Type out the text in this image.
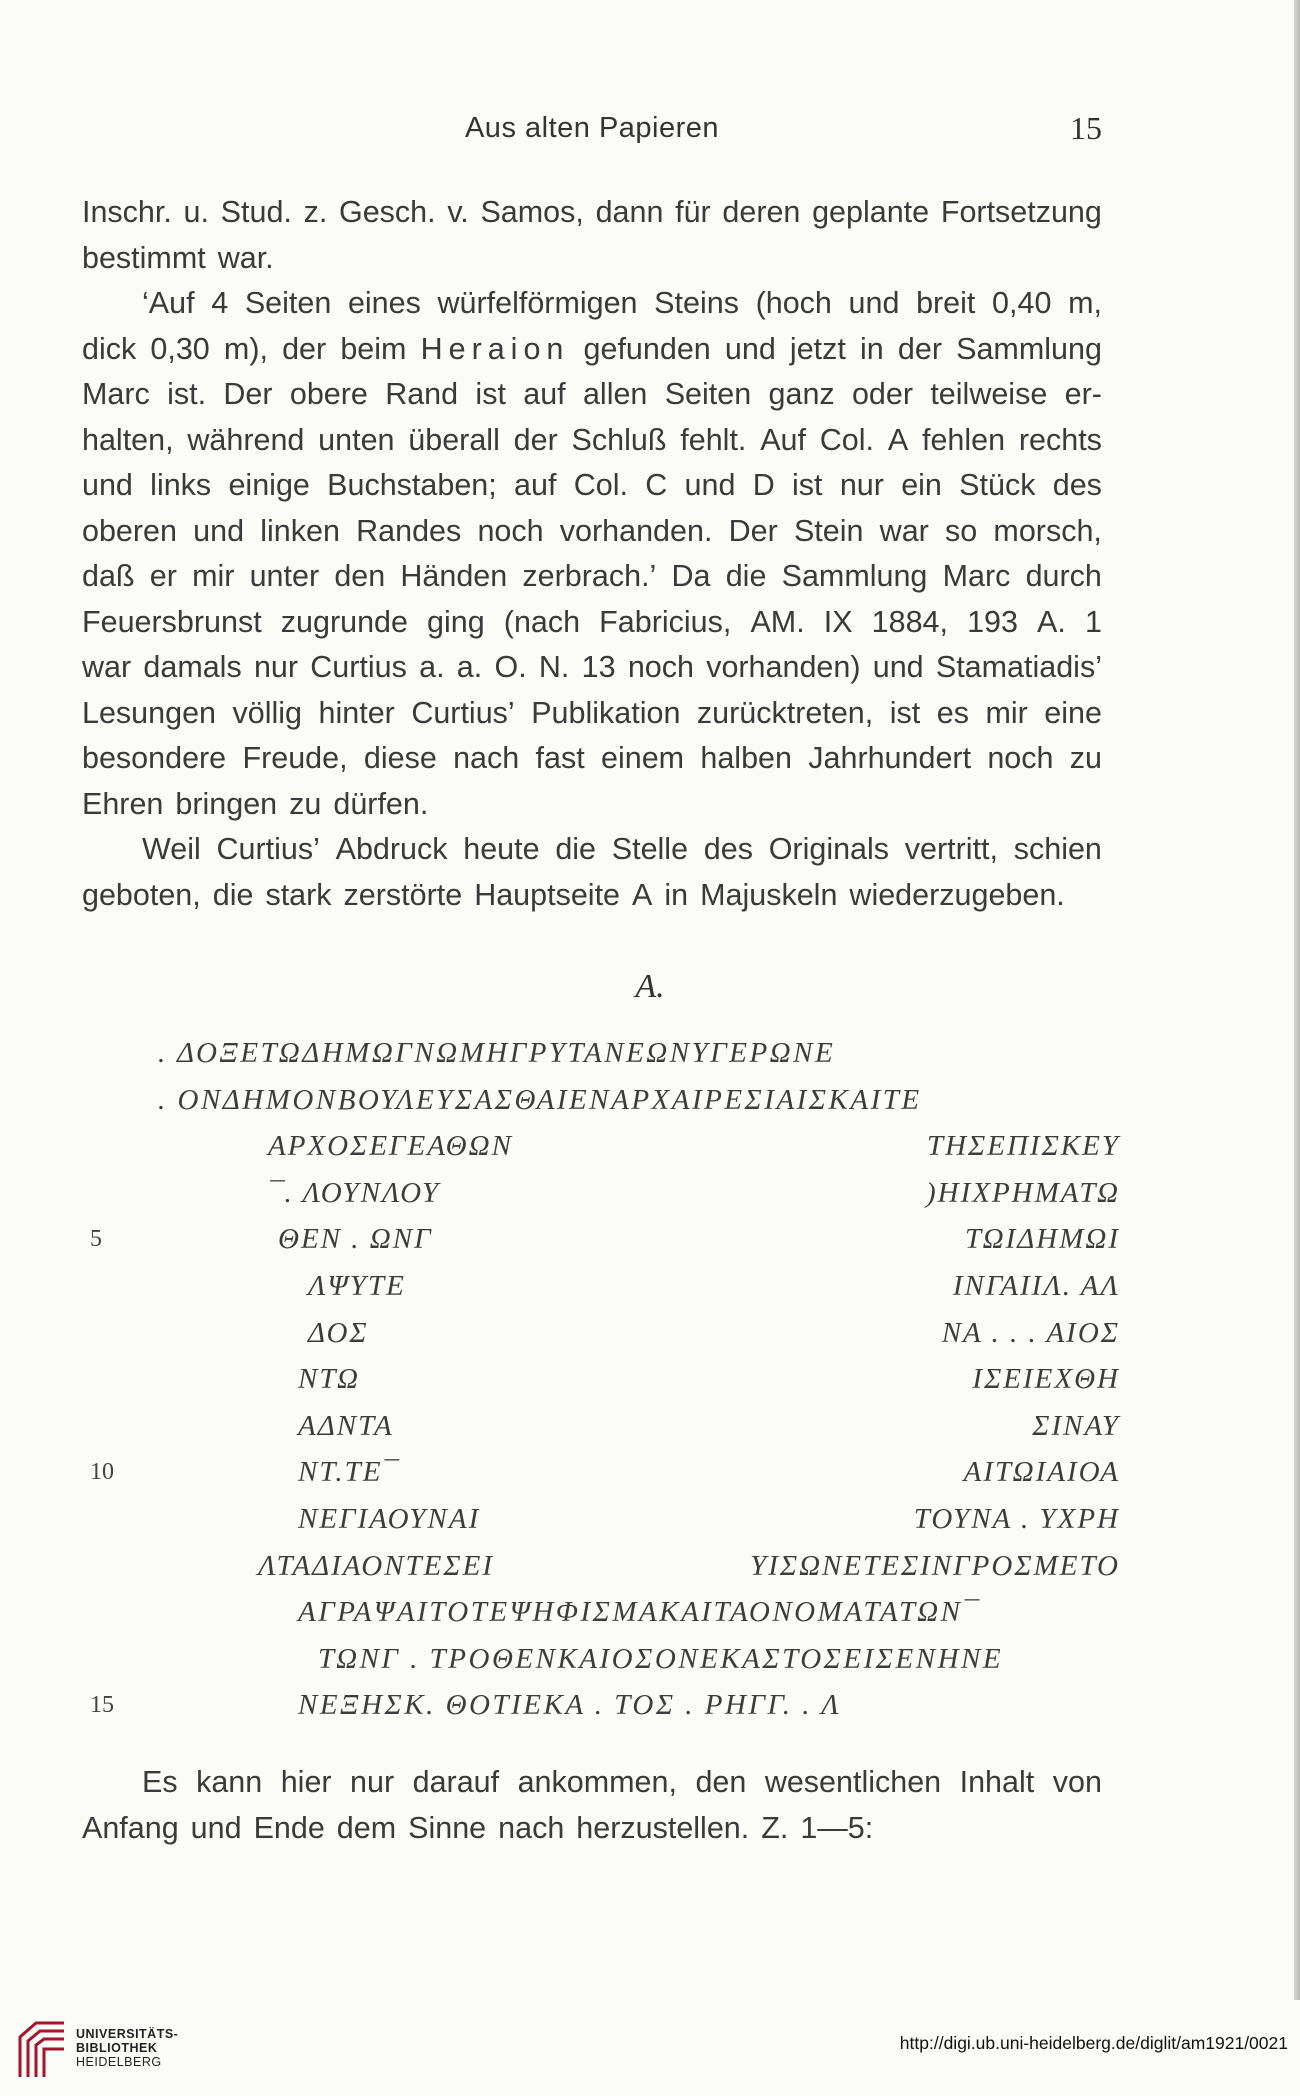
Aus alten Papieren	15
Inschr. u. Stud. z. Gesch. v. Samos, dann für deren geplante Fortsetzung
bestimmt war.
‘Auf 4 Seiten eines würfelförmigen Steins (hoch und breit 0,40 m,
dick 0,30 m), der beim Heraion gefunden und jetzt in der Sammlung
Marc ist. Der obere Rand ist auf allen Seiten ganz oder teilweise er-
halten, während unten überall der Schluß fehlt. Auf Col. A fehlen rechts
und links einige Buchstaben; auf Col. C und D ist nur ein Stück des
oberen und linken Randes noch vorhanden. Der Stein war so morsch,
daß er mir unter den Händen zerbrach.’ Da die Sammlung Marc durch
Feuersbrunst zugrunde ging (nach Fabricius, AM. IX 1884, 193 A. 1
war damals nur Curtius a. a. O. N. 13 noch vorhanden) und Stamatiadis’
Lesungen völlig hinter Curtius’ Publikation zurücktreten, ist es mir eine
besondere Freude, diese nach fast einem halben Jahrhundert noch zu
Ehren bringen zu dürfen.
Weil Curtius’ Abdruck heute die Stelle des Originals vertritt, schien
geboten, die stark zerstörte Hauptseite A in Majuskeln wiederzugeben.
A.
. ΔΟΞΕΤΩΔΗΜΩΓΝΩΜΗΓΡΥΤΑΝΕΩΝΥΓΕΡΩΝΕ
. ΟΝΔΗΜΟΝΒΟΥΛΕΥΣΑΣΘΑΙΕΝΑΡΧΑΙΡΕΣΙΑΙΣΚΑΙΤΕ
ΑΡΧΟΣΕΓΕΑΘΩΝ	ΤΗΣΕΠΙΣΚΕΥ
¯. ΛΟΥΝΛΟΥ	)ΗΙΧΡΗΜΑΤΩ
5	ΘΕΝ . ΩΝΓ	ΤΩΙΔΗΜΩΙ
ΛΨΥΤΕ	ΙΝΓΑΙΙΛ. ΑΛ
ΔΟΣ	ΝΑ . . . ΑΙΟΣ
ΝΤΩ	ΙΣΕΙΕΧΘΗ
ΑΔΝΤΑ	ΣΙΝΑΥ
10	ΝΤ.ΤΕ¯	ΑΙΤΩΙΑΙΟΑ
ΝΕΓΙΑΟΥΝΑΙ	ΤΟΥΝΑ . ΥΧΡΗ
ΛΤΑΔΙΑΟΝΤΕΣΕΙ	ΥΙΣΩΝΕΤΕΣΙΝΓΡΟΣΜΕΤΟ
ΑΓΡΑΨΑΙΤΟΤΕΨΗΦΙΣΜΑΚΑΙΤΑΟΝΟΜΑΤΑΤΩΝ¯
ΤΩΝΓ . ΤΡΟΘΕΝΚΑΙΟΣΟΝΕΚΑΣΤΟΣΕΙΣΕΝΗΝΕ
15	ΝΕΞΗΣΚ. ΘΟΤΙΕΚΑ . ΤΟΣ . ΡΗΓΓ. . Λ
Es kann hier nur darauf ankommen, den wesentlichen Inhalt von
Anfang und Ende dem Sinne nach herzustellen. Z. 1—5:
UNIVERSITÄTS-
BIBLIOTHEK
HEIDELBERG
http://digi.ub.uni-heidelberg.de/diglit/am1921/0021
